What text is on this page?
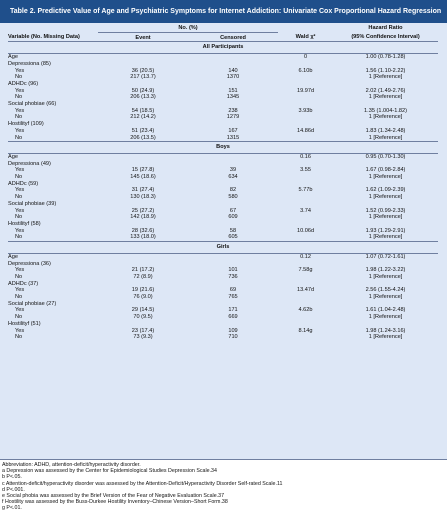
Table 2. Predictive Value of Age and Psychiatric Symptoms for Internet Addiction: Univariate Cox Proportional Hazard Regression
	No. (%)			Hazard Ratio
Variable (No. Missing Data)	Event	Censored	Wald χ²	(95% Confidence Interval)
All Participants				
Age			0	1.00 (0.78-1.28)
Depressiona (85)				
Yes	36 (20.5)	140	6.10b	1.56 (1.10-2.22)
No	217 (13.7)	1370		1 [Reference]
ADHDc (96)				
Yes	50 (24.9)	151	19.97d	2.02 (1.49-2.76)
No	206 (13.3)	1345		1 [Reference]
Social phobiae (66)				
Yes	54 (18.5)	238	3.93b	1.35 (1.004-1.82)
No	212 (14.2)	1279		1 [Reference]
Hostilityf (109)				
Yes	51 (23.4)	167	14.86d	1.83 (1.34-2.48)
No	206 (13.5)	1315		1 [Reference]
Boys				
Age			0.16	0.95 (0.70-1.30)
Depressiona (49)				
Yes	15 (27.8)	39	3.55	1.67 (0.98-2.84)
No	145 (18.6)	634		1 [Reference]
ADHDc (59)				
Yes	31 (27.4)	82	5.77b	1.62 (1.09-2.39)
No	130 (18.3)	580		1 [Reference]
Social phobiae (39)				
Yes	25 (27.2)	67	3.74	1.52 (0.99-2.33)
No	142 (18.9)	609		1 [Reference]
Hostilityf (58)				
Yes	28 (32.6)	58	10.06d	1.93 (1.29-2.91)
No	133 (18.0)	605		1 [Reference]
Girls				
Age			0.12	1.07 (0.72-1.61)
Depressiona (36)				
Yes	21 (17.2)	101	7.58g	1.98 (1.22-3.22)
No	72 (8.9)	736		1 [Reference]
ADHDc (37)				
Yes	19 (21.6)	69	13.47d	2.56 (1.55-4.24)
No	76 (9.0)	765		1 [Reference]
Social phobiae (27)				
Yes	29 (14.5)	171	4.62b	1.61 (1.04-2.48)
No	70 (9.5)	669		1 [Reference]
Hostilityf (51)				
Yes	23 (17.4)	109	8.14g	1.98 (1.24-3.16)
No	73 (9.3)	710		1 [Reference]
Abbreviation: ADHD, attention-deficit/hyperactivity disorder.
a Depression was assessed by the Center for Epidemiological Studies Depression Scale.34
b P<.05.
c Attention-deficit/hyperactivity disorder was assessed by the Attention-Deficit/Hyperactivity Disorder Self-rated Scale.11
d P<.001.
e Social phobia was assessed by the Brief Version of the Fear of Negative Evaluation Scale.37
f Hostility was assessed by the Buss-Durkee Hostility Inventory–Chinese Version–Short Form.38
g P<.01.
